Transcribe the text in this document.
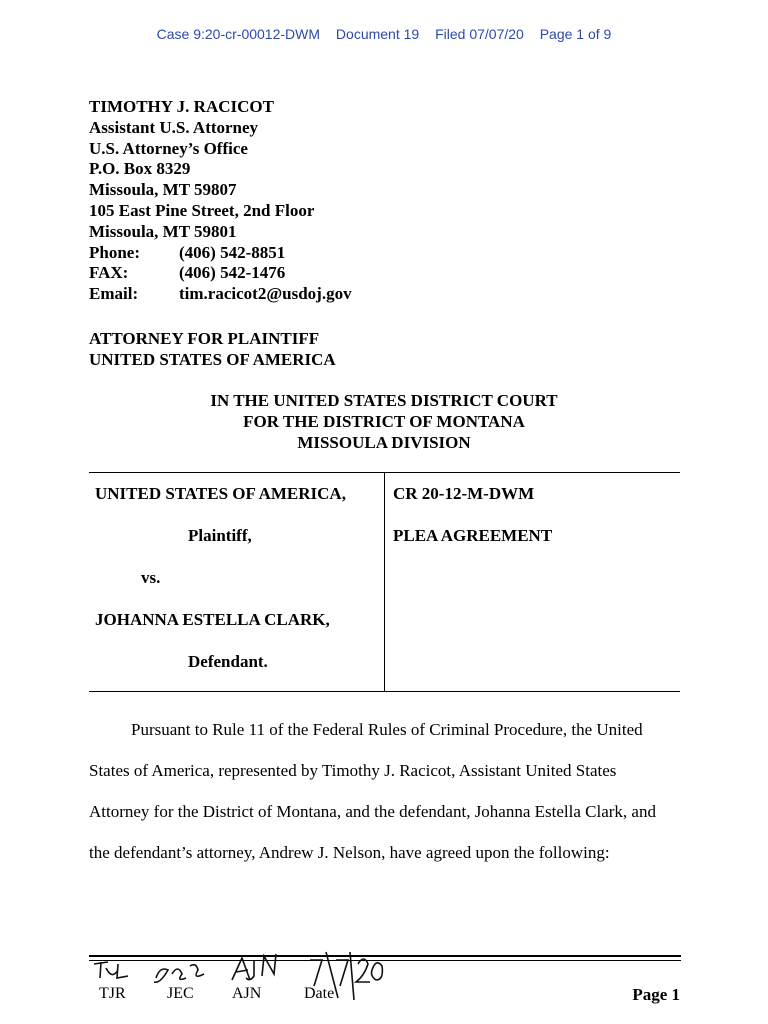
Case 9:20-cr-00012-DWM Document 19 Filed 07/07/20 Page 1 of 9
TIMOTHY J. RACICOT
Assistant U.S. Attorney
U.S. Attorney’s Office
P.O. Box 8329
Missoula, MT 59807
105 East Pine Street, 2nd Floor
Missoula, MT 59801
Phone:	(406) 542-8851
FAX:	(406) 542-1476
Email:	tim.racicot2@usdoj.gov
ATTORNEY FOR PLAINTIFF
UNITED STATES OF AMERICA
IN THE UNITED STATES DISTRICT COURT
FOR THE DISTRICT OF MONTANA
MISSOULA DIVISION
UNITED STATES OF AMERICA,
Plaintiff,
vs.
JOHANNA ESTELLA CLARK,
Defendant.
CR 20-12-M-DWM
PLEA AGREEMENT

Pursuant to Rule 11 of the Federal Rules of Criminal Procedure, the United States of America, represented by Timothy J. Racicot, Assistant United States Attorney for the District of Montana, and the defendant, Johanna Estella Clark, and the defendant’s attorney, Andrew J. Nelson, have agreed upon the following:

TJR	JEC AJN	Date	Page 1
